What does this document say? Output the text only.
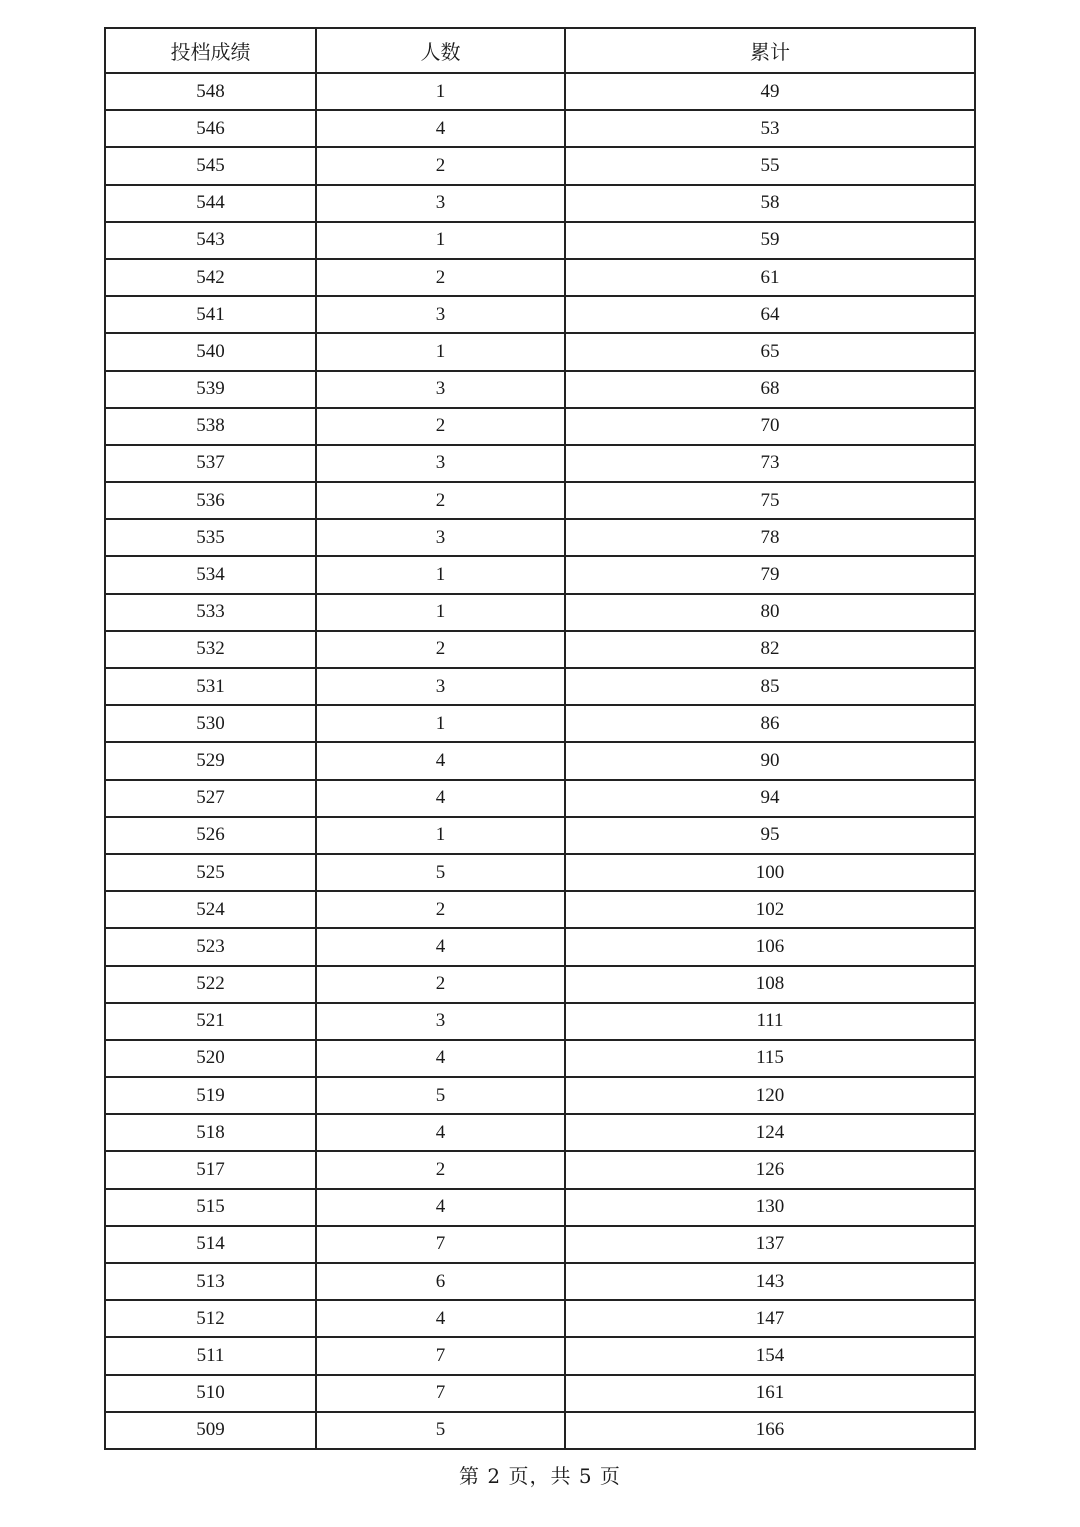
投档成绩	人数	累计
548	1	49
546	4	53
545	2	55
544	3	58
543	1	59
542	2	61
541	3	64
540	1	65
539	3	68
538	2	70
537	3	73
536	2	75
535	3	78
534	1	79
533	1	80
532	2	82
531	3	85
530	1	86
529	4	90
527	4	94
526	1	95
525	5	100
524	2	102
523	4	106
522	2	108
521	3	111
520	4	115
519	5	120
518	4	124
517	2	126
515	4	130
514	7	137
513	6	143
512	4	147
511	7	154
510	7	161
509	5	166
第 2 页，共 5 页
